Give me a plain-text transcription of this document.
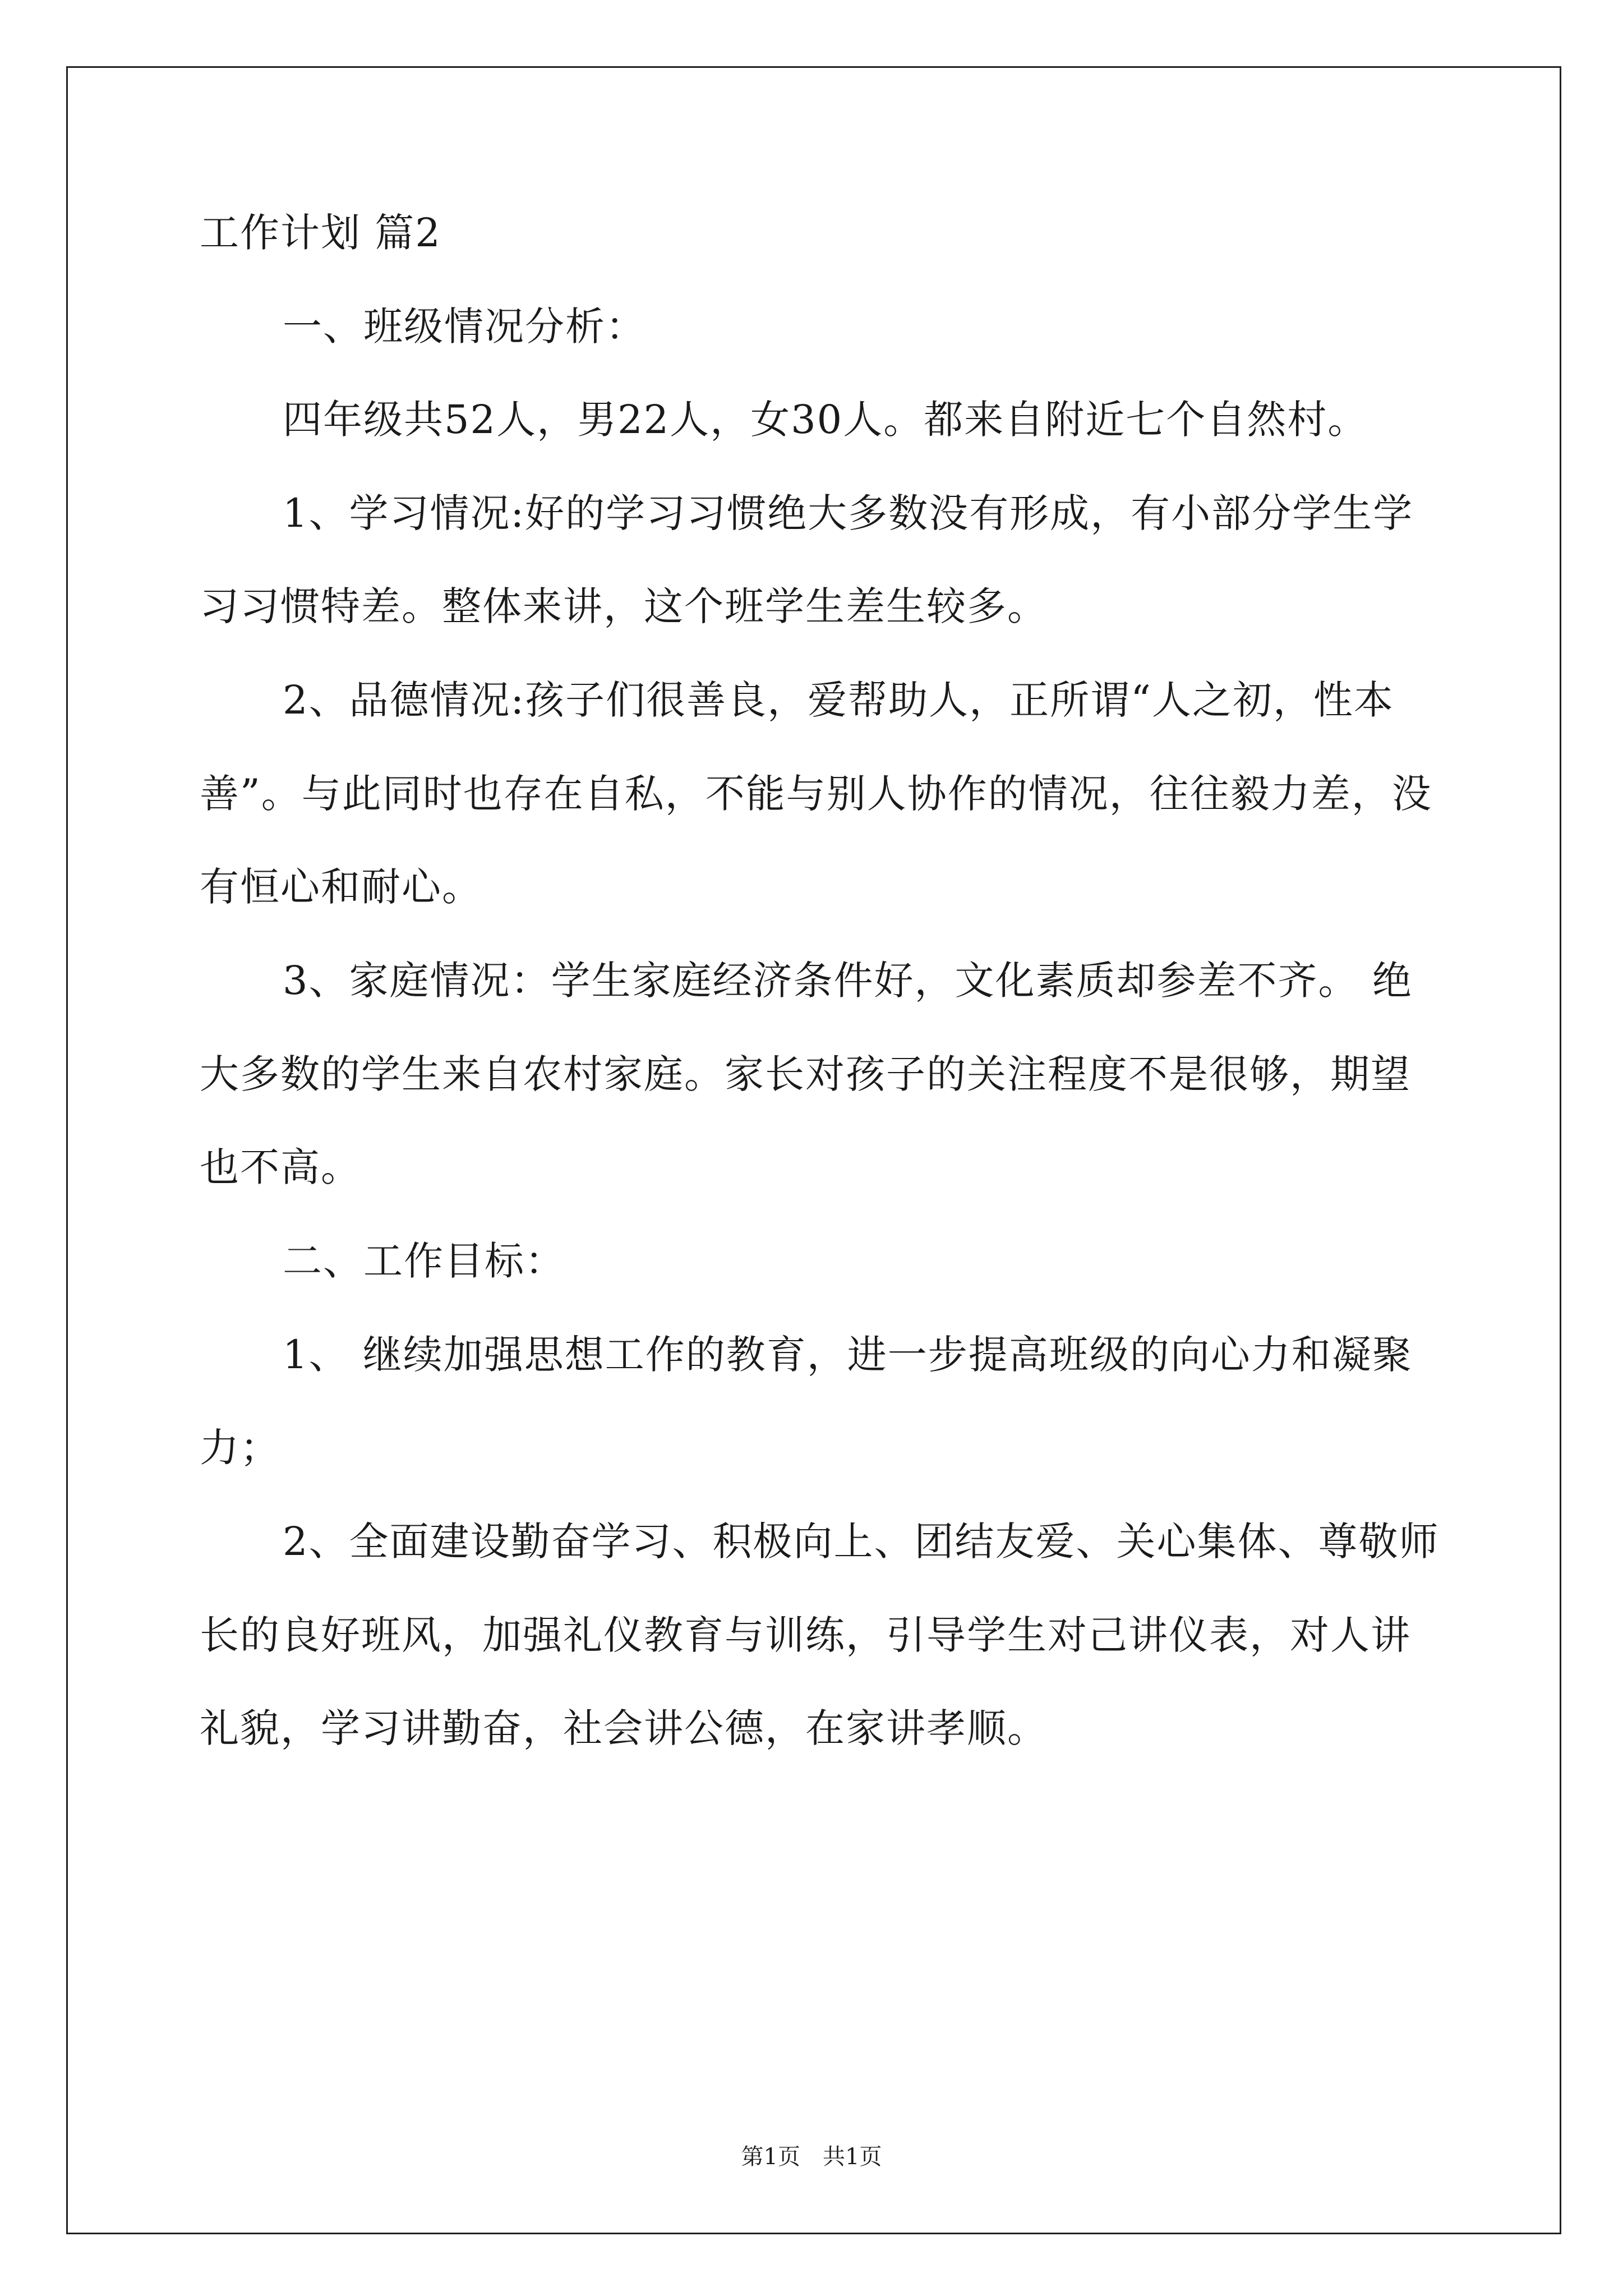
工作计划 篇2
一、班级情况分析：
四年级共52人，男22人，女30人。都来自附近七个自然村。
1、学习情况:好的学习习惯绝大多数没有形成，有小部分学生学
习习惯特差。整体来讲，这个班学生差生较多。
2、品德情况:孩子们很善良，爱帮助人，正所谓“人之初，性本
善”。与此同时也存在自私，不能与别人协作的情况，往往毅力差，没
有恒心和耐心。
3、家庭情况：学生家庭经济条件好，文化素质却参差不齐。 绝
大多数的学生来自农村家庭。家长对孩子的关注程度不是很够，期望
也不高。
二、工作目标：
1、 继续加强思想工作的教育，进一步提高班级的向心力和凝聚
力；
2、全面建设勤奋学习、积极向上、团结友爱、关心集体、尊敬师
长的良好班风，加强礼仪教育与训练，引导学生对己讲仪表，对人讲
礼貌，学习讲勤奋，社会讲公德，在家讲孝顺。
第1页　共1页
